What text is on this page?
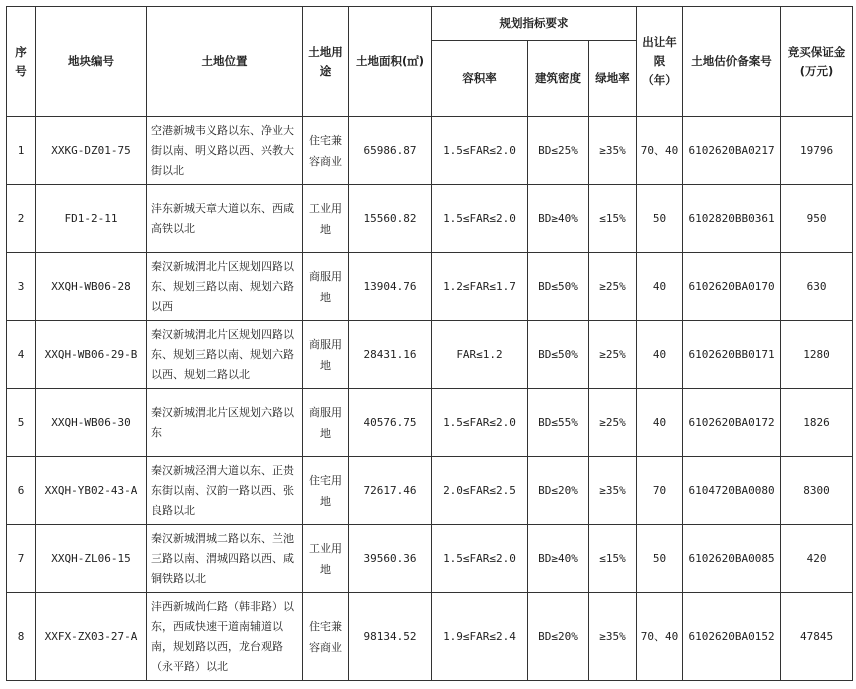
序号	地块编号	土地位置	土地用途	土地面积(㎡)	规划指标要求			出让年限（年）	土地估价备案号	竞买保证金(万元)
					容积率	建筑密度	绿地率			
1	XXKG-DZ01-75	空港新城韦义路以东、净业大街以南、明义路以西、兴教大街以北	住宅兼容商业	65986.87	1.5≤FAR≤2.0	BD≤25%	≥35%	70、40	6102620BA0217	19796
2	FD1-2-11	沣东新城天章大道以东、西咸高铁以北	工业用地	15560.82	1.5≤FAR≤2.0	BD≥40%	≤15%	50	6102820BB0361	950
3	XXQH-WB06-28	秦汉新城渭北片区规划四路以东、规划三路以南、规划六路以西	商服用地	13904.76	1.2≤FAR≤1.7	BD≤50%	≥25%	40	6102620BA0170	630
4	XXQH-WB06-29-B	秦汉新城渭北片区规划四路以东、规划三路以南、规划六路以西、规划二路以北	商服用地	28431.16	FAR≤1.2	BD≤50%	≥25%	40	6102620BB0171	1280
5	XXQH-WB06-30	秦汉新城渭北片区规划六路以东	商服用地	40576.75	1.5≤FAR≤2.0	BD≤55%	≥25%	40	6102620BA0172	1826
6	XXQH-YB02-43-A	秦汉新城泾渭大道以东、正贵东街以南、汉韵一路以西、张良路以北	住宅用地	72617.46	2.0≤FAR≤2.5	BD≤20%	≥35%	70	6104720BA0080	8300
7	XXQH-ZL06-15	秦汉新城渭城二路以东、兰池三路以南、渭城四路以西、咸铜铁路以北	工业用地	39560.36	1.5≤FAR≤2.0	BD≥40%	≤15%	50	6102620BA0085	420
8	XXFX-ZX03-27-A	沣西新城尚仁路（韩非路）以东，西咸快速干道南辅道以南，规划路以西，龙台观路（永平路）以北	住宅兼容商业	98134.52	1.9≤FAR≤2.4	BD≤20%	≥35%	70、40	6102620BA0152	47845
